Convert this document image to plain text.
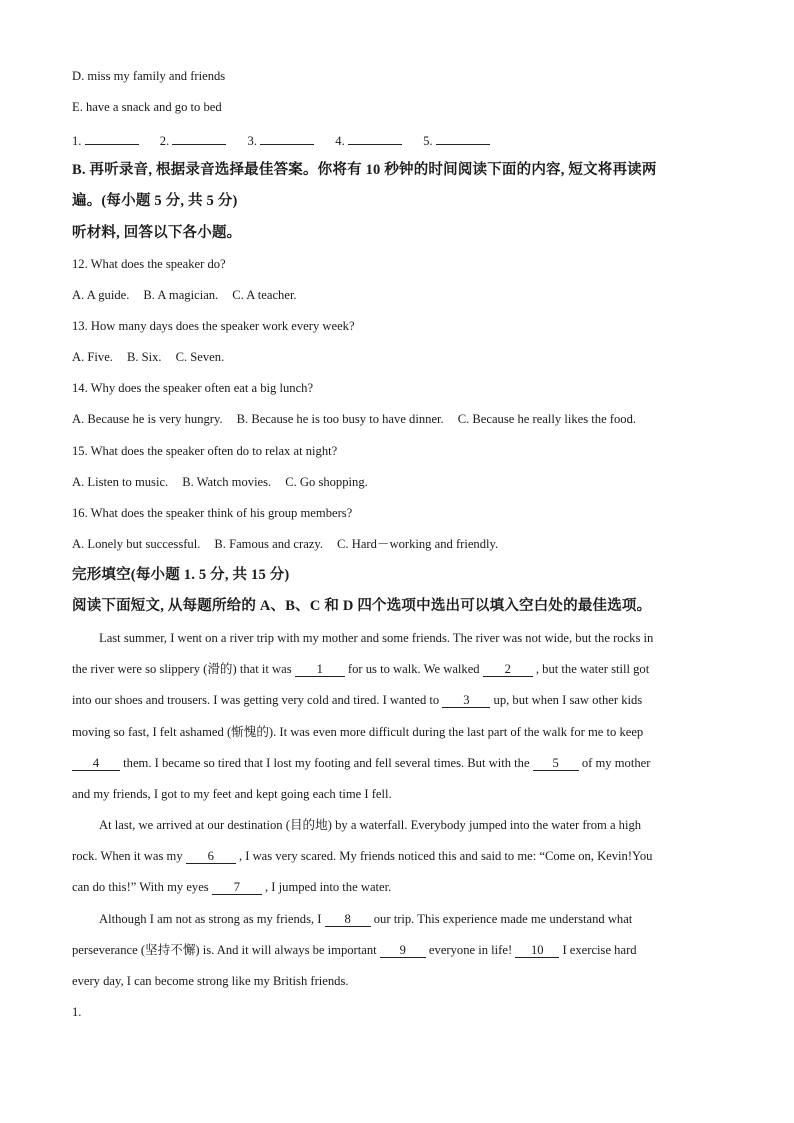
D. miss my family and friends
E. have a snack and go to bed
1.	2.	3.	4.	5.
B. 再听录音, 根据录音选择最佳答案。你将有 10 秒钟的时间阅读下面的内容, 短文将再读两
遍。(每小题 5 分, 共 5 分)
听材料, 回答以下各小题。
12. What does the speaker do?
A. A guide. B. A magician. C. A teacher.
13. How many days does the speaker work every week?
A. Five. B. Six. C. Seven.
14. Why does the speaker often eat a big lunch?
A. Because he is very hungry. B. Because he is too busy to have dinner. C. Because he really likes the food.
15. What does the speaker often do to relax at night?
A. Listen to music. B. Watch movies. C. Go shopping.
16. What does the speaker think of his group members?
A. Lonely but successful. B. Famous and crazy. C. Hard－working and friendly.
完形填空(每小题 1. 5 分, 共 15 分)
阅读下面短文, 从每题所给的 A、B、C 和 D 四个选项中选出可以填入空白处的最佳选项。
Last summer, I went on a river trip with my mother and some friends. The river was not wide, but the rocks in
the river were so slippery (滑的) that it was 1 for us to walk. We walked 2 , but the water still got
into our shoes and trousers. I was getting very cold and tired. I wanted to 3 up, but when I saw other kids
moving so fast, I felt ashamed (惭愧的). It was even more difficult during the last part of the walk for me to keep
4 them. I became so tired that I lost my footing and fell several times. But with the 5 of my mother
and my friends, I got to my feet and kept going each time I fell.
At last, we arrived at our destination (目的地) by a waterfall. Everybody jumped into the water from a high
rock. When it was my 6 , I was very scared. My friends noticed this and said to me: “Come on, Kevin!You
can do this!” With my eyes 7 , I jumped into the water.
Although I am not as strong as my friends, I 8 our trip. This experience made me understand what
perseverance (坚持不懈) is. And it will always be important 9 everyone in life! 10 I exercise hard
every day, I can become strong like my British friends.
1.
